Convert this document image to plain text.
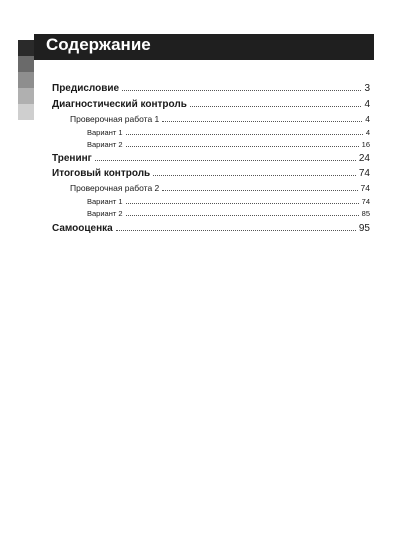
Содержание
Предисловие	3
Диагностический контроль	4
Проверочная работа 1	4
Вариант 1	4
Вариант 2	16
Тренинг	24
Итоговый контроль	74
Проверочная работа 2	74
Вариант 1	74
Вариант 2	85
Самооценка	95
